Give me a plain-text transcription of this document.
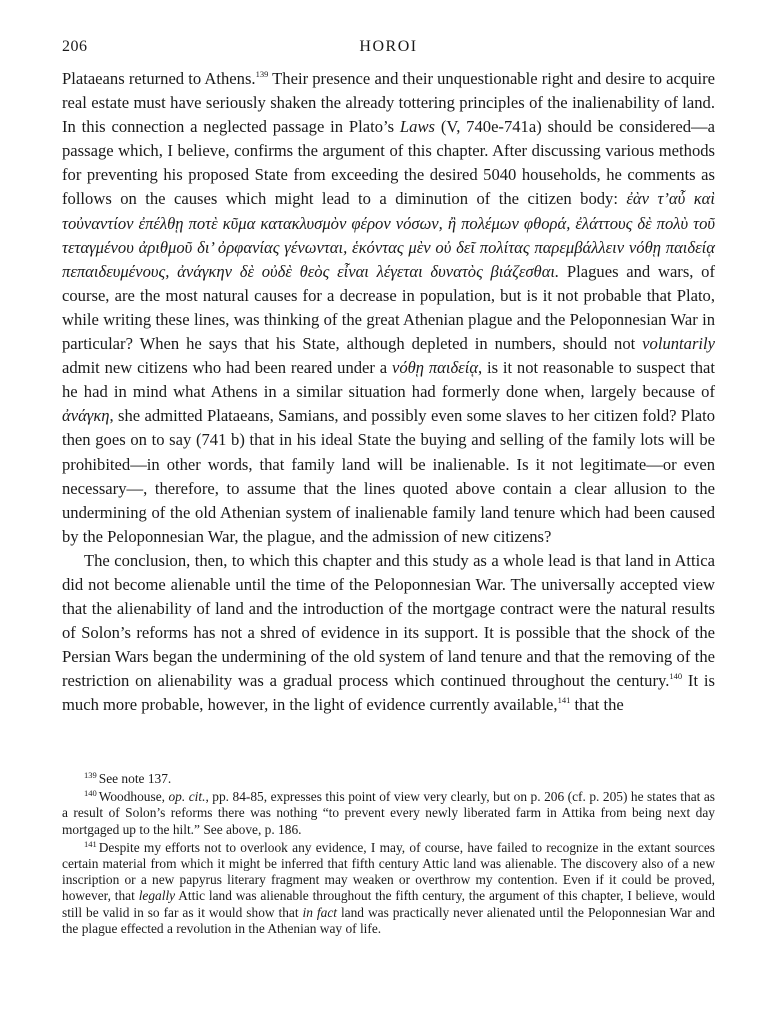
206	HOROI

Plataeans returned to Athens.$^{139}$ Their presence and their unquestionable right and desire to acquire real estate must have seriously shaken the already tottering principles of the inalienability of land. In this connection a neglected passage in Plato’s Laws (V, 740e-741a) should be considered—a passage which, I believe, confirms the argument of this chapter. After discussing various methods for preventing his proposed State from exceeding the desired 5040 households, he comments as follows on the causes which might lead to a diminution of the citizen body: ἐὰν τ’αὖ καὶ τοὐναντίον ἐπέλθῃ ποτὲ κῦμα κατακλυσμὸν φέρον νόσων, ἢ πολέμων φθορά, ἐλάττους δὲ πολὺ τοῦ τεταγμένου ἀριθμοῦ δι’ ὀρφανίας γένωνται, ἑκόντας μὲν οὐ δεῖ πολίτας παρεμβάλλειν νόθῃ παιδείᾳ πεπαιδευμένους, ἀνάγκην δὲ οὐδὲ θεὸς εἶναι λέγεται δυνατὸς βιάζεσθαι. Plagues and wars, of course, are the most natural causes for a decrease in population, but is it not probable that Plato, while writing these lines, was thinking of the great Athenian plague and the Peloponnesian War in particular? When he says that his State, although depleted in numbers, should not voluntarily admit new citizens who had been reared under a νόθῃ παιδείᾳ, is it not reasonable to suspect that he had in mind what Athens in a similar situation had formerly done when, largely because of ἀνάγκη, she admitted Plataeans, Samians, and possibly even some slaves to her citizen fold? Plato then goes on to say (741 b) that in his ideal State the buying and selling of the family lots will be prohibited—in other words, that family land will be inalienable. Is it not legitimate—or even necessary—, therefore, to assume that the lines quoted above contain a clear allusion to the undermining of the old Athenian system of inalienable family land tenure which had been caused by the Peloponnesian War, the plague, and the admission of new citizens?

The conclusion, then, to which this chapter and this study as a whole lead is that land in Attica did not become alienable until the time of the Peloponnesian War. The universally accepted view that the alienability of land and the introduction of the mortgage contract were the natural results of Solon’s reforms has not a shred of evidence in its support. It is possible that the shock of the Persian Wars began the undermining of the old system of land tenure and that the removing of the restriction on alienability was a gradual process which continued throughout the century.$^{140}$ It is much more probable, however, in the light of evidence currently available,$^{141}$ that the

$^{139}$ See note 137.

$^{140}$ Woodhouse, op. cit., pp. 84-85, expresses this point of view very clearly, but on p. 206 (cf. p. 205) he states that as a result of Solon’s reforms there was nothing “to prevent every newly liberated farm in Attika from being next day mortgaged up to the hilt.” See above, p. 186.

$^{141}$ Despite my efforts not to overlook any evidence, I may, of course, have failed to recognize in the extant sources certain material from which it might be inferred that fifth century Attic land was alienable. The discovery also of a new inscription or a new papyrus literary fragment may weaken or overthrow my contention. Even if it could be proved, however, that legally Attic land was alienable throughout the fifth century, the argument of this chapter, I believe, would still be valid in so far as it would show that in fact land was practically never alienated until the Peloponnesian War and the plague effected a revolution in the Athenian way of life.
